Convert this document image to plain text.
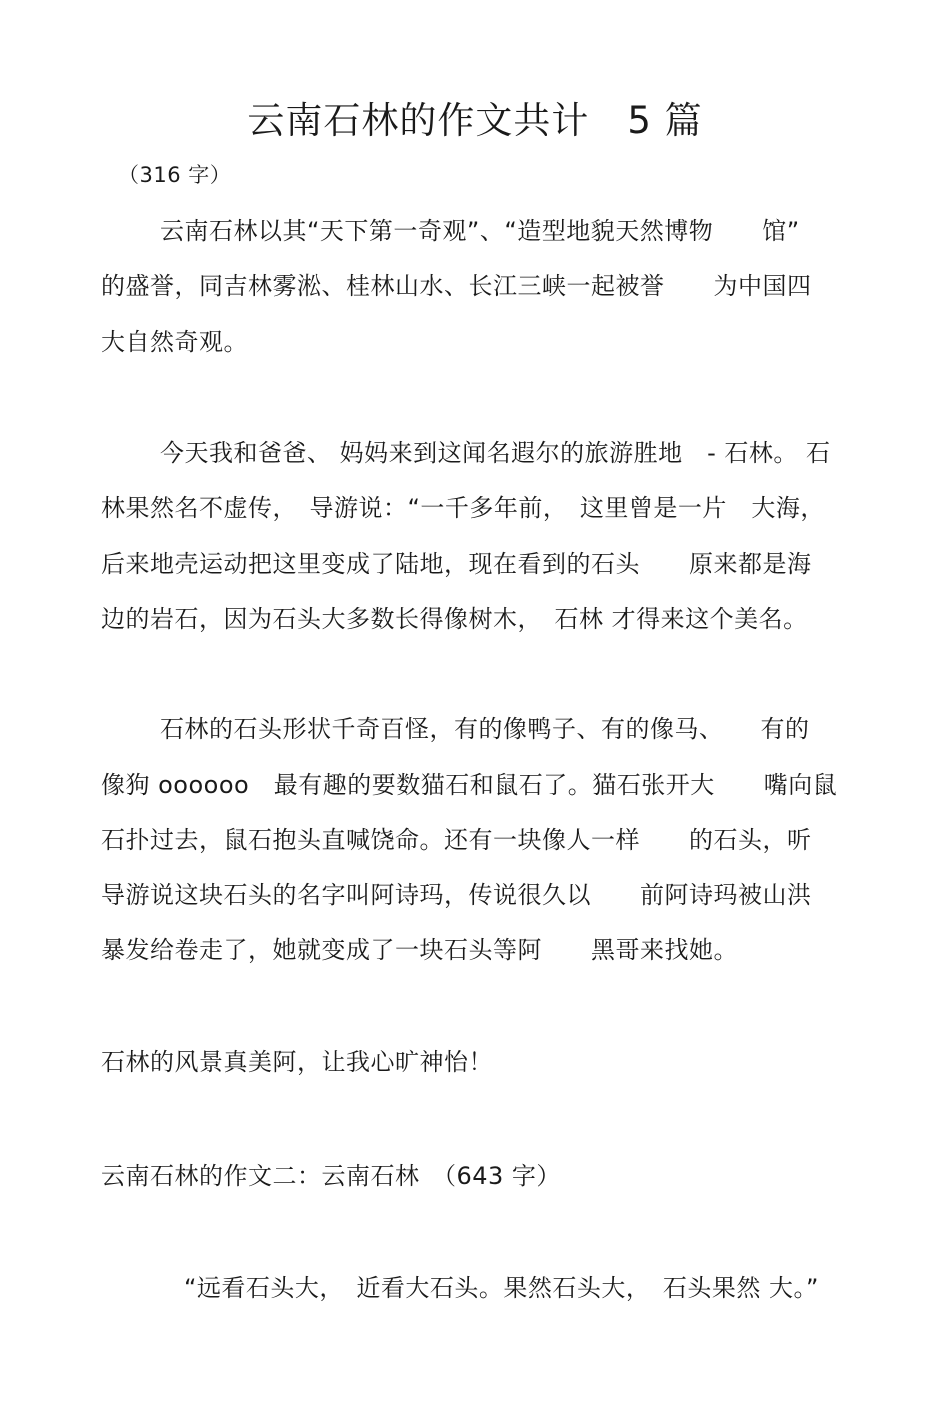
云南石林的作文共计　5 篇
（316 字）
云南石林以其“天下第一奇观”、“造型地貌天然博物　　馆”
的盛誉，同吉林雾淞、桂林山水、长江三峡一起被誉　　为中国四
大自然奇观。
今天我和爸爸、 妈妈来到这闻名遐尔的旅游胜地　- 石林。 石
林果然名不虚传，　导游说：“一千多年前，　这里曾是一片　大海，
后来地壳运动把这里变成了陆地，现在看到的石头　　原来都是海
边的岩石，因为石头大多数长得像树木，　石林 才得来这个美名。
石林的石头形状千奇百怪，有的像鸭子、有的像马、　　有的
像狗 oooooo　最有趣的要数猫石和鼠石了。猫石张开大　　嘴向鼠
石扑过去，鼠石抱头直喊饶命。还有一块像人一样　　的石头，听
导游说这块石头的名字叫阿诗玛，传说很久以　　前阿诗玛被山洪
暴发给卷走了，她就变成了一块石头等阿　　黑哥来找她。
石林的风景真美阿，让我心旷神怡！
云南石林的作文二：云南石林　（643 字）
“远看石头大，　近看大石头。果然石头大，　石头果然 大。”
